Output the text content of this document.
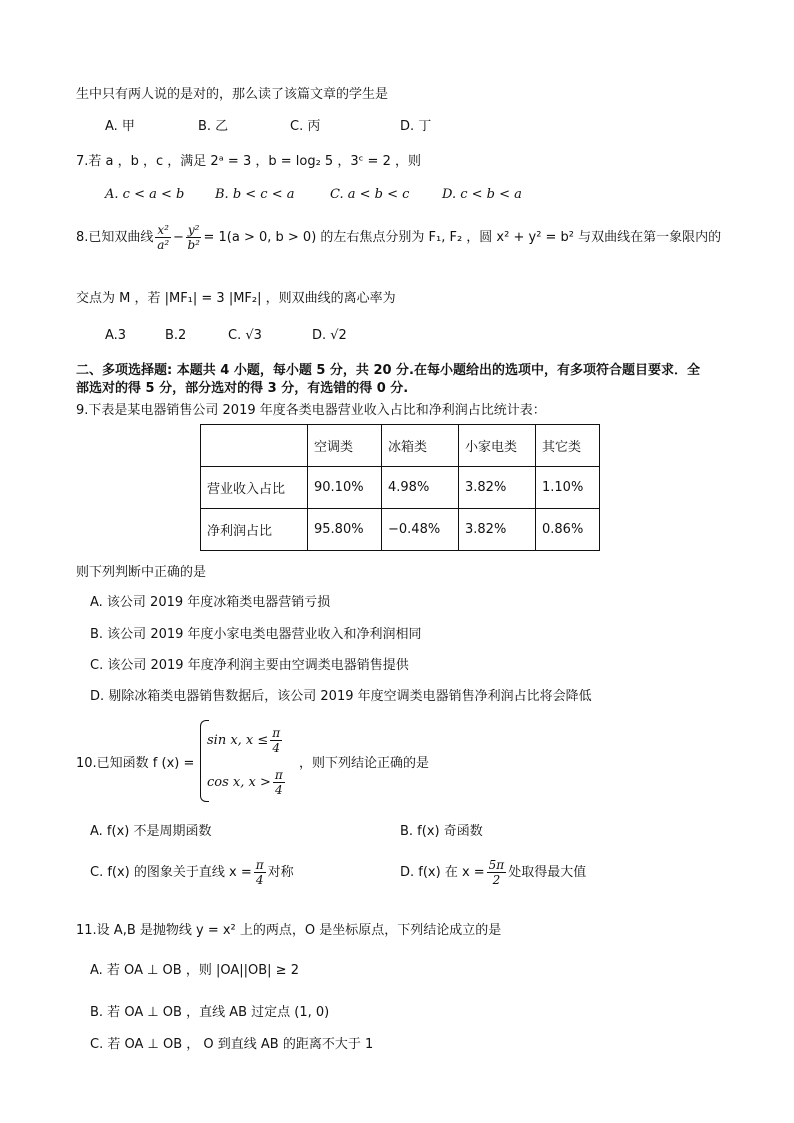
生中只有两人说的是对的，那么读了该篇文章的学生是
A. 甲	B. 乙	C. 丙	D. 丁
7.若 a ，b ，c ，满足 2ᵃ = 3 ，b = log₂ 5 ，3ᶜ = 2 ，则
A. c < a < b B. b < c < a	C. a < b < c	D. c < b < a
8.已知双曲线 $\frac{\text{x²}}{\text{a²}} - \frac{\text{y²}}{\text{b²}} = 1(a > 0$, b > 0) 的左右焦点分别为 F₁, F₂ ，圆 x² + y² = b² 与双曲线在第一象限内的
交点为 M ，若 |MF₁| = 3 |MF₂| ，则双曲线的离心率为
A.3	B.2	C. √3	D. √2
二、多项选择题: 本题共 4 小题，每小题 5 分，共 20 分.在每小题给出的选项中，有多项符合题目要求．全
部选对的得 5 分，部分选对的得 3 分，有选错的得 0 分.
9.下表是某电器销售公司 2019 年度各类电器营业收入占比和净利润占比统计表：
	空调类	冰箱类	小家电类	其它类
营业收入占比	90.10%	4.98%	3.82%	1.10%
净利润占比	95.80%	−0.48%	3.82%	0.86%
则下列判断中正确的是
A. 该公司 2019 年度冰箱类电器营销亏损
B. 该公司 2019 年度小家电类电器营业收入和净利润相同
C. 该公司 2019 年度净利润主要由空调类电器销售提供
D. 剔除冰箱类电器销售数据后，该公司 2019 年度空调类电器销售净利润占比将会降低
10.已知函数 f (x) =
sin x, $x \le \frac{\pi}{4}$
cos x, $x > \frac{\pi}{4}$
，则下列结论正确的是
A. f(x) 不是周期函数	B. f(x) 奇函数
C. f(x) 的图象关于直线 $x = \frac{\pi}{4}$ 对称	D. f(x) 在 $x = \frac{5\pi}{2}$ 处取得最大值
11.设 A,B 是抛物线 y = x² 上的两点，O 是坐标原点，下列结论成立的是
A. 若 OA ⊥ OB ，则 |OA||OB| ≥ 2
B. 若 OA ⊥ OB ，直线 AB 过定点 (1, 0)
C. 若 OA ⊥ OB ， O 到直线 AB 的距离不大于 1
